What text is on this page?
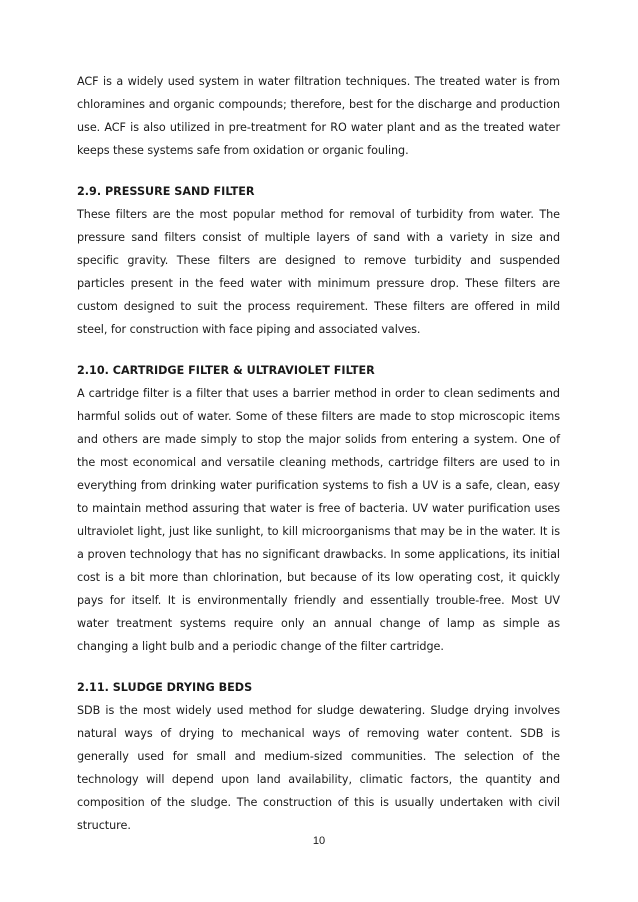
ACF is a widely used system in water filtration techniques. The treated water is from chloramines and organic compounds; therefore, best for the discharge and production use. ACF is also utilized in pre-treatment for RO water plant and as the treated water keeps these systems safe from oxidation or organic fouling.

2.9. PRESSURE SAND FILTER

These filters are the most popular method for removal of turbidity from water. The pressure sand filters consist of multiple layers of sand with a variety in size and specific gravity. These filters are designed to remove turbidity and suspended particles present in the feed water with minimum pressure drop. These filters are custom designed to suit the process requirement. These filters are offered in mild steel, for construction with face piping and associated valves.

2.10. CARTRIDGE FILTER & ULTRAVIOLET FILTER

A cartridge filter is a filter that uses a barrier method in order to clean sediments and harmful solids out of water. Some of these filters are made to stop microscopic items and others are made simply to stop the major solids from entering a system. One of the most economical and versatile cleaning methods, cartridge filters are used to in everything from drinking water purification systems to fish a UV is a safe, clean, easy to maintain method assuring that water is free of bacteria. UV water purification uses ultraviolet light, just like sunlight, to kill microorganisms that may be in the water. It is a proven technology that has no significant drawbacks. In some applications, its initial cost is a bit more than chlorination, but because of its low operating cost, it quickly pays for itself. It is environmentally friendly and essentially trouble-free. Most UV water treatment systems require only an annual change of lamp as simple as changing a light bulb and a periodic change of the filter cartridge.

2.11. SLUDGE DRYING BEDS

SDB is the most widely used method for sludge dewatering. Sludge drying involves natural ways of drying to mechanical ways of removing water content. SDB is generally used for small and medium-sized communities. The selection of the technology will depend upon land availability, climatic factors, the quantity and composition of the sludge. The construction of this is usually undertaken with civil structure.

10
